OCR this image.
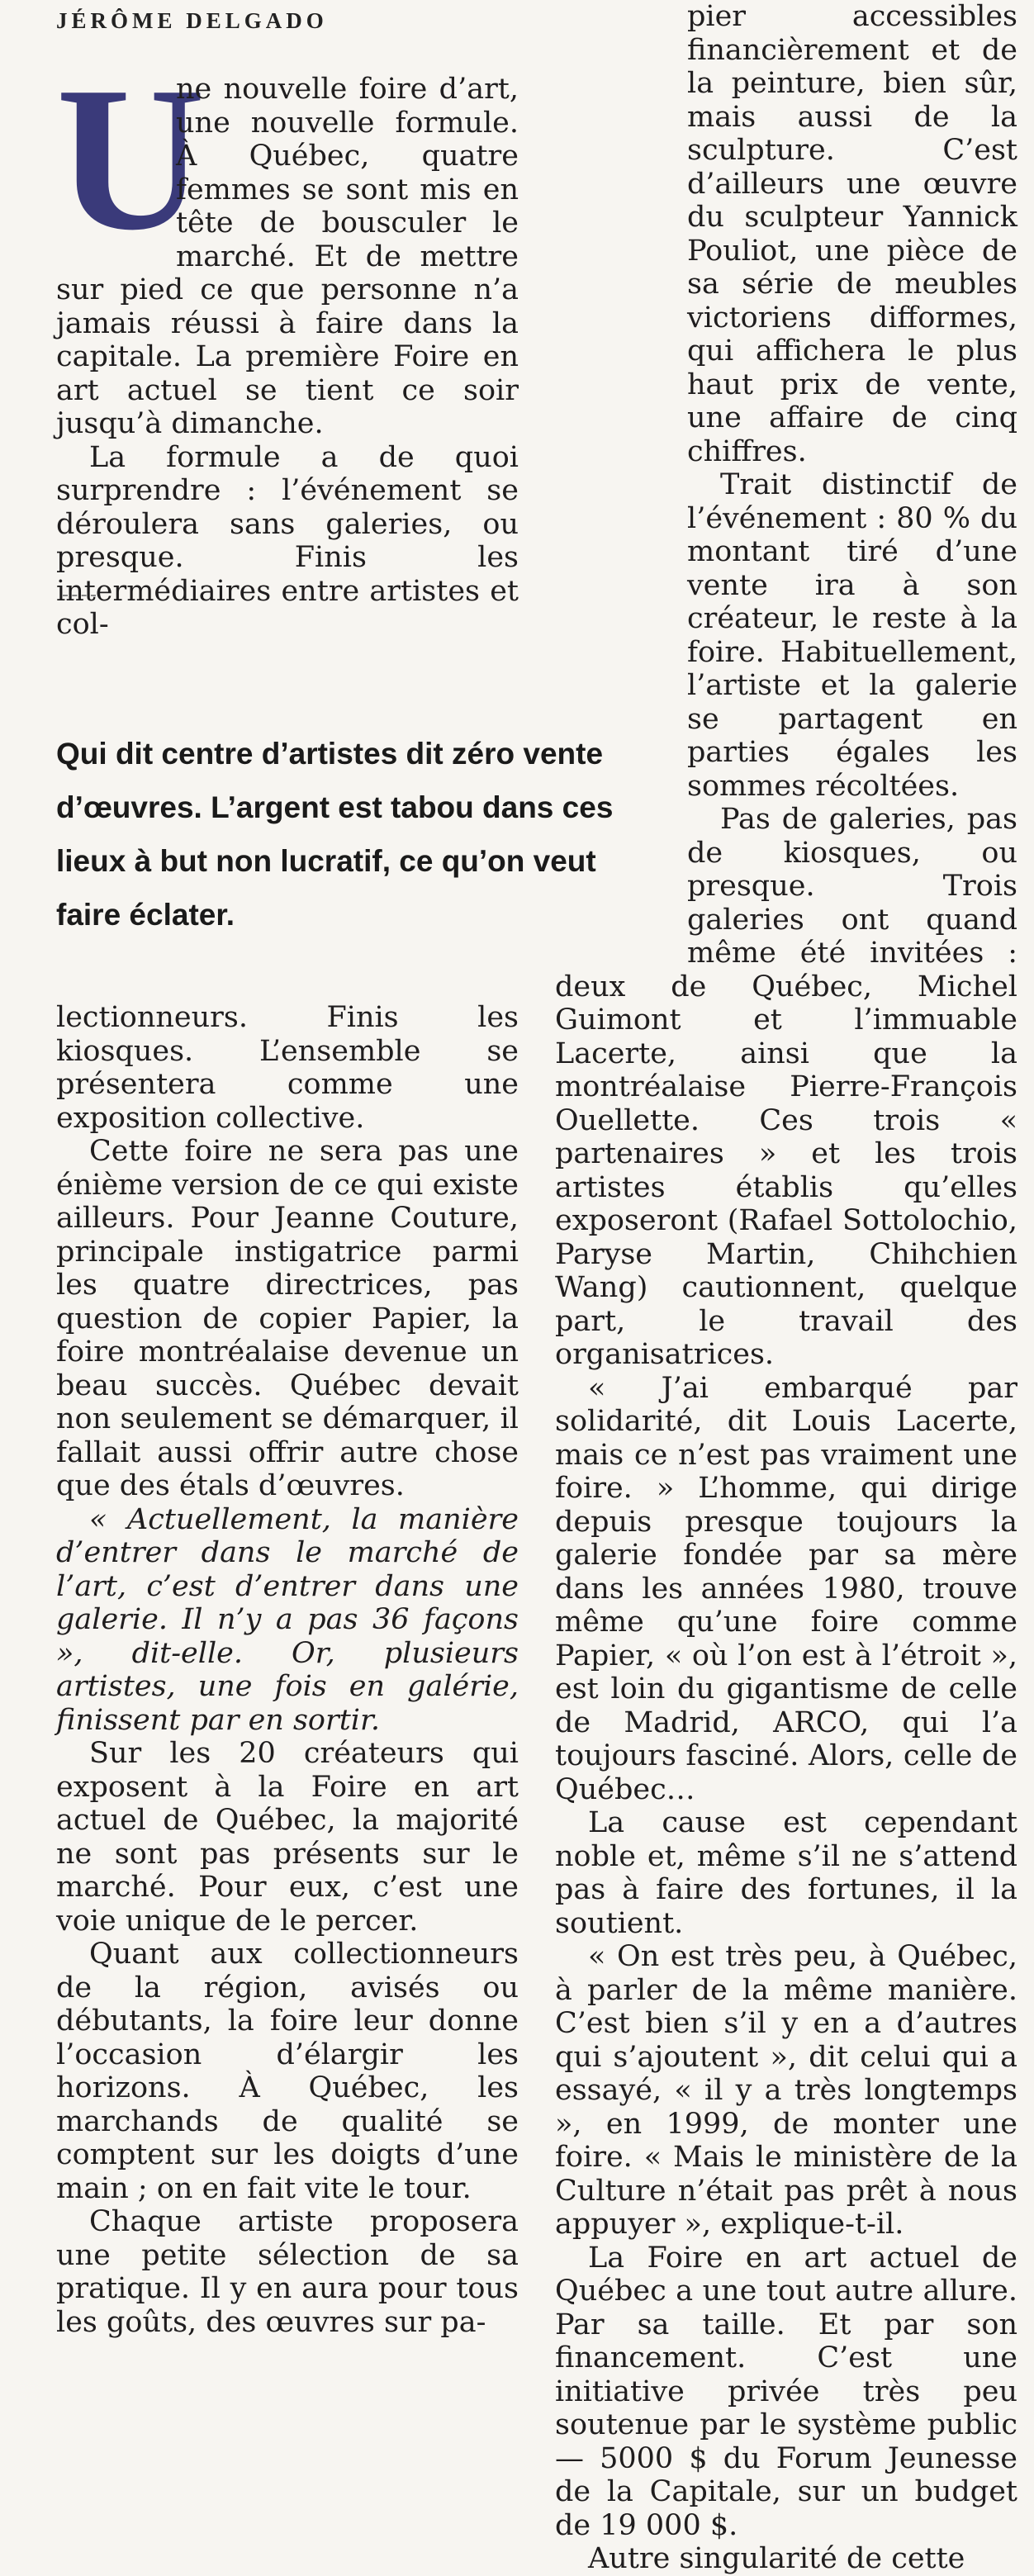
JÉRÔME DELGADO
U

ne nouvelle foire d’art, une nouvelle formule. À Québec, quatre femmes se sont mis en tête de bousculer le marché. Et de mettre sur pied ce que personne n’a jamais réussi à faire dans la capitale. La première Foire en art actuel se tient ce soir jusqu’à dimanche.

La formule a de quoi surprendre : l’événement se déroulera sans galeries, ou presque. Finis les intermédiaires entre artistes et col-

Qui dit centre d’artistes dit zéro vente d’œuvres. L’argent est tabou dans ces lieux à but non lucratif, ce qu’on veut faire éclater.

lectionneurs. Finis les kiosques. L’ensemble se présentera comme une exposition collective.

Cette foire ne sera pas une énième version de ce qui existe ailleurs. Pour Jeanne Couture, principale instigatrice parmi les quatre directrices, pas question de copier Papier, la foire montréalaise devenue un beau succès. Québec devait non seulement se démarquer, il fallait aussi offrir autre chose que des étals d’œuvres.

« Actuellement, la manière d’entrer dans le marché de l’art, c’est d’entrer dans une galerie. Il n’y a pas 36 façons », dit-elle. Or, plusieurs artistes, une fois en galérie, finissent par en sortir.

Sur les 20 créateurs qui exposent à la Foire en art actuel de Québec, la majorité ne sont pas présents sur le marché. Pour eux, c’est une voie unique de le percer.

Quant aux collectionneurs de la région, avisés ou débutants, la foire leur donne l’occasion d’élargir les horizons. À Québec, les marchands de qualité se comptent sur les doigts d’une main ; on en fait vite le tour.

Chaque artiste proposera une petite sélection de sa pratique. Il y en aura pour tous les goûts, des œuvres sur pa-

pier accessibles financièrement et de la peinture, bien sûr, mais aussi de la sculpture. C’est d’ailleurs une œuvre du sculpteur Yannick Pouliot, une pièce de sa série de meubles victoriens difformes, qui affichera le plus haut prix de vente, une affaire de cinq chiffres.

Trait distinctif de l’événement : 80 % du montant tiré d’une vente ira à son créateur, le reste à la foire. Habituellement, l’artiste et la galerie se partagent en parties égales les sommes récoltées.

Pas de galeries, pas de kiosques, ou presque. Trois galeries ont quand même été invitées : deux de Québec, Michel Guimont et l’immuable Lacerte, ainsi que la montréalaise Pierre-François Ouellette. Ces trois « partenaires » et les trois artistes établis qu’elles exposeront (Rafael Sottolochio, Paryse Martin, Chihchien Wang) cautionnent, quelque part, le travail des organisatrices.

« J’ai embarqué par solidarité, dit Louis Lacerte, mais ce n’est pas vraiment une foire. » L’homme, qui dirige depuis presque toujours la galerie fondée par sa mère dans les années 1980, trouve même qu’une foire comme Papier, « où l’on est à l’étroit », est loin du gigantisme de celle de Madrid, ARCO, qui l’a toujours fasciné. Alors, celle de Québec…

La cause est cependant noble et, même s’il ne s’attend pas à faire des fortunes, il la soutient.

« On est très peu, à Québec, à parler de la même manière. C’est bien s’il y en a d’autres qui s’ajoutent », dit celui qui a essayé, « il y a très longtemps », en 1999, de monter une foire. « Mais le ministère de la Culture n’était pas prêt à nous appuyer », explique-t-il.

La Foire en art actuel de Québec a une tout autre allure. Par sa taille. Et par son financement. C’est une initiative privée très peu soutenue par le système public — 5000 $ du Forum Jeunesse de la Capitale, sur un budget de 19 000 $.

Autre singularité de cette
